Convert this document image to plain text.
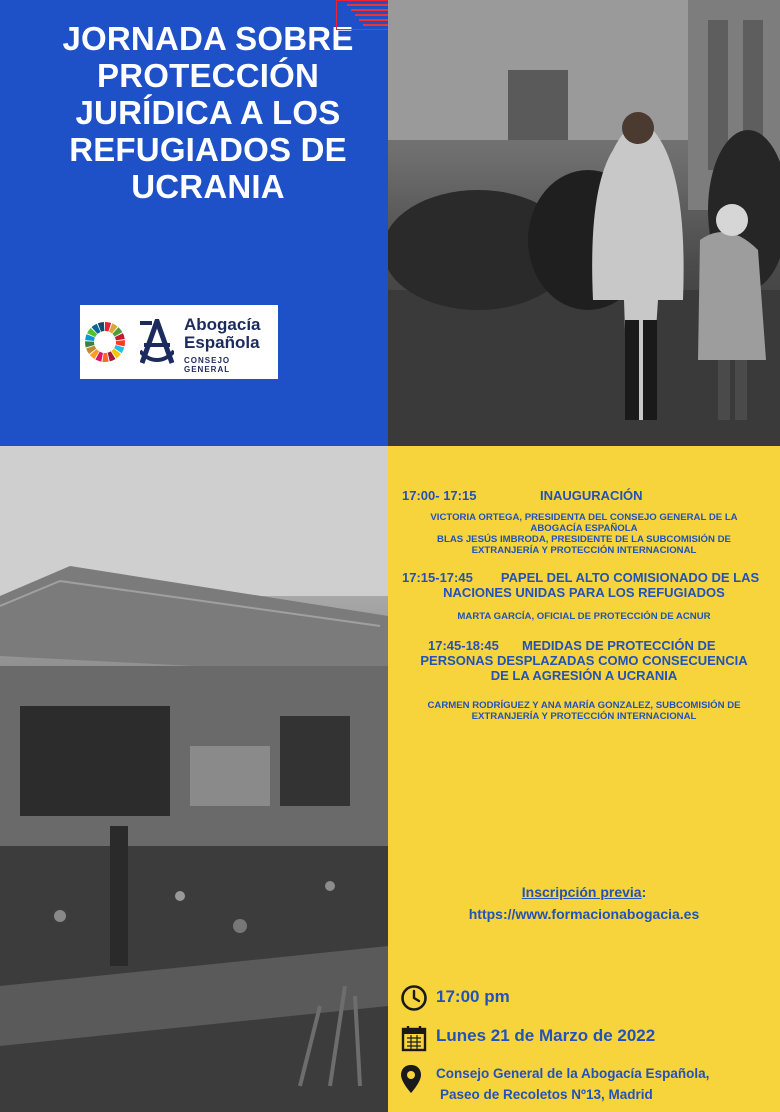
JORNADA SOBRE PROTECCIÓN JURÍDICA A LOS REFUGIADOS DE UCRANIA
Abogacía
Española
CONSEJO GENERAL
17:00- 17:15	INAUGURACIÓN
VICTORIA ORTEGA, PRESIDENTA DEL CONSEJO GENERAL DE LA
ABOGACÍA ESPAÑOLA
BLAS JESÚS IMBRODA, PRESIDENTE DE LA SUBCOMISIÓN DE
EXTRANJERÍA Y PROTECCIÓN INTERNACIONAL
17:15-17:45	PAPEL DEL ALTO COMISIONADO DE LAS
NACIONES UNIDAS PARA LOS REFUGIADOS
MARTA GARCÍA, OFICIAL DE PROTECCIÓN DE ACNUR
17:45-18:45 MEDIDAS DE PROTECCIÓN DE
PERSONAS DESPLAZADAS COMO CONSECUENCIA
DE LA AGRESIÓN A UCRANIA
CARMEN RODRÍGUEZ Y ANA MARÍA GONZALEZ, SUBCOMISIÓN DE
EXTRANJERÍA Y PROTECCIÓN INTERNACIONAL
Inscripción previa:
https://www.formacionabogacia.es
17:00 pm
Lunes 21 de Marzo de 2022
Consejo General de la Abogacía Española,
Paseo de Recoletos Nº13, Madrid
